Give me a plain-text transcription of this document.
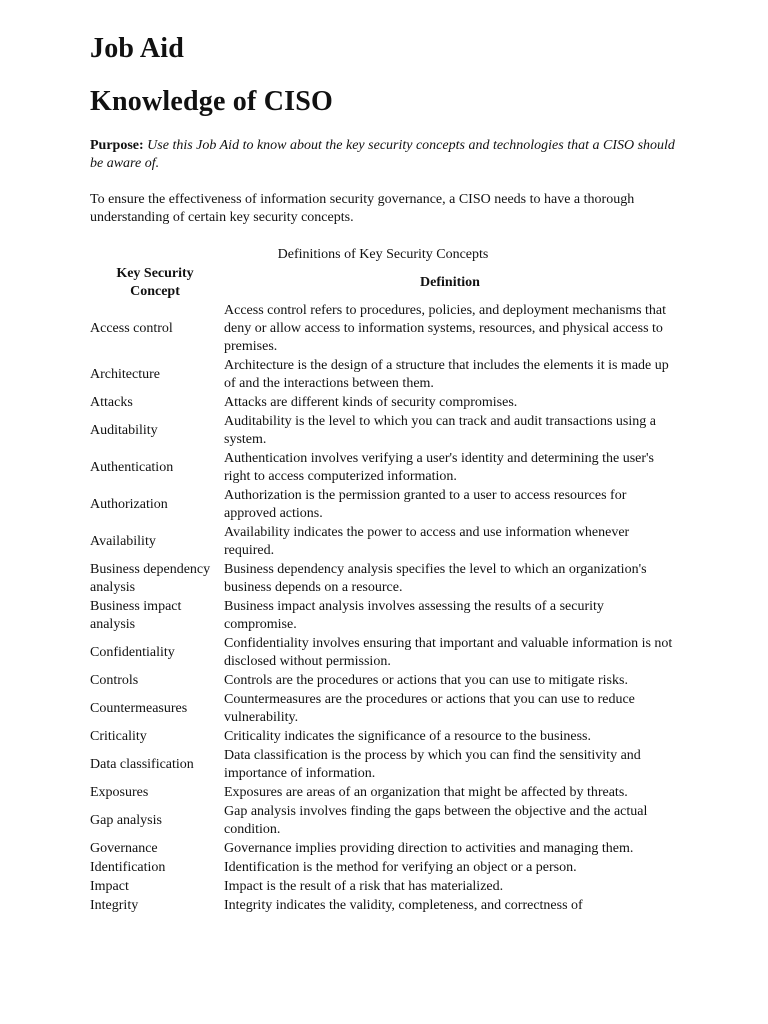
Job Aid
Knowledge of CISO
Purpose: Use this Job Aid to know about the key security concepts and technologies that a CISO should be aware of.
To ensure the effectiveness of information security governance, a CISO needs to have a thorough understanding of certain key security concepts.
Definitions of Key Security Concepts
Key Security Concept	Definition
Access control	Access control refers to procedures, policies, and deployment mechanisms that deny or allow access to information systems, resources, and physical access to premises.
Architecture	Architecture is the design of a structure that includes the elements it is made up of and the interactions between them.
Attacks	Attacks are different kinds of security compromises.
Auditability	Auditability is the level to which you can track and audit transactions using a system.
Authentication	Authentication involves verifying a user's identity and determining the user's right to access computerized information.
Authorization	Authorization is the permission granted to a user to access resources for approved actions.
Availability	Availability indicates the power to access and use information whenever required.
Business dependency analysis	Business dependency analysis specifies the level to which an organization's business depends on a resource.
Business impact analysis	Business impact analysis involves assessing the results of a security compromise.
Confidentiality	Confidentiality involves ensuring that important and valuable information is not disclosed without permission.
Controls	Controls are the procedures or actions that you can use to mitigate risks.
Countermeasures	Countermeasures are the procedures or actions that you can use to reduce vulnerability.
Criticality	Criticality indicates the significance of a resource to the business.
Data classification	Data classification is the process by which you can find the sensitivity and importance of information.
Exposures	Exposures are areas of an organization that might be affected by threats.
Gap analysis	Gap analysis involves finding the gaps between the objective and the actual condition.
Governance	Governance implies providing direction to activities and managing them.
Identification	Identification is the method for verifying an object or a person.
Impact	Impact is the result of a risk that has materialized.
Integrity	Integrity indicates the validity, completeness, and correctness of
